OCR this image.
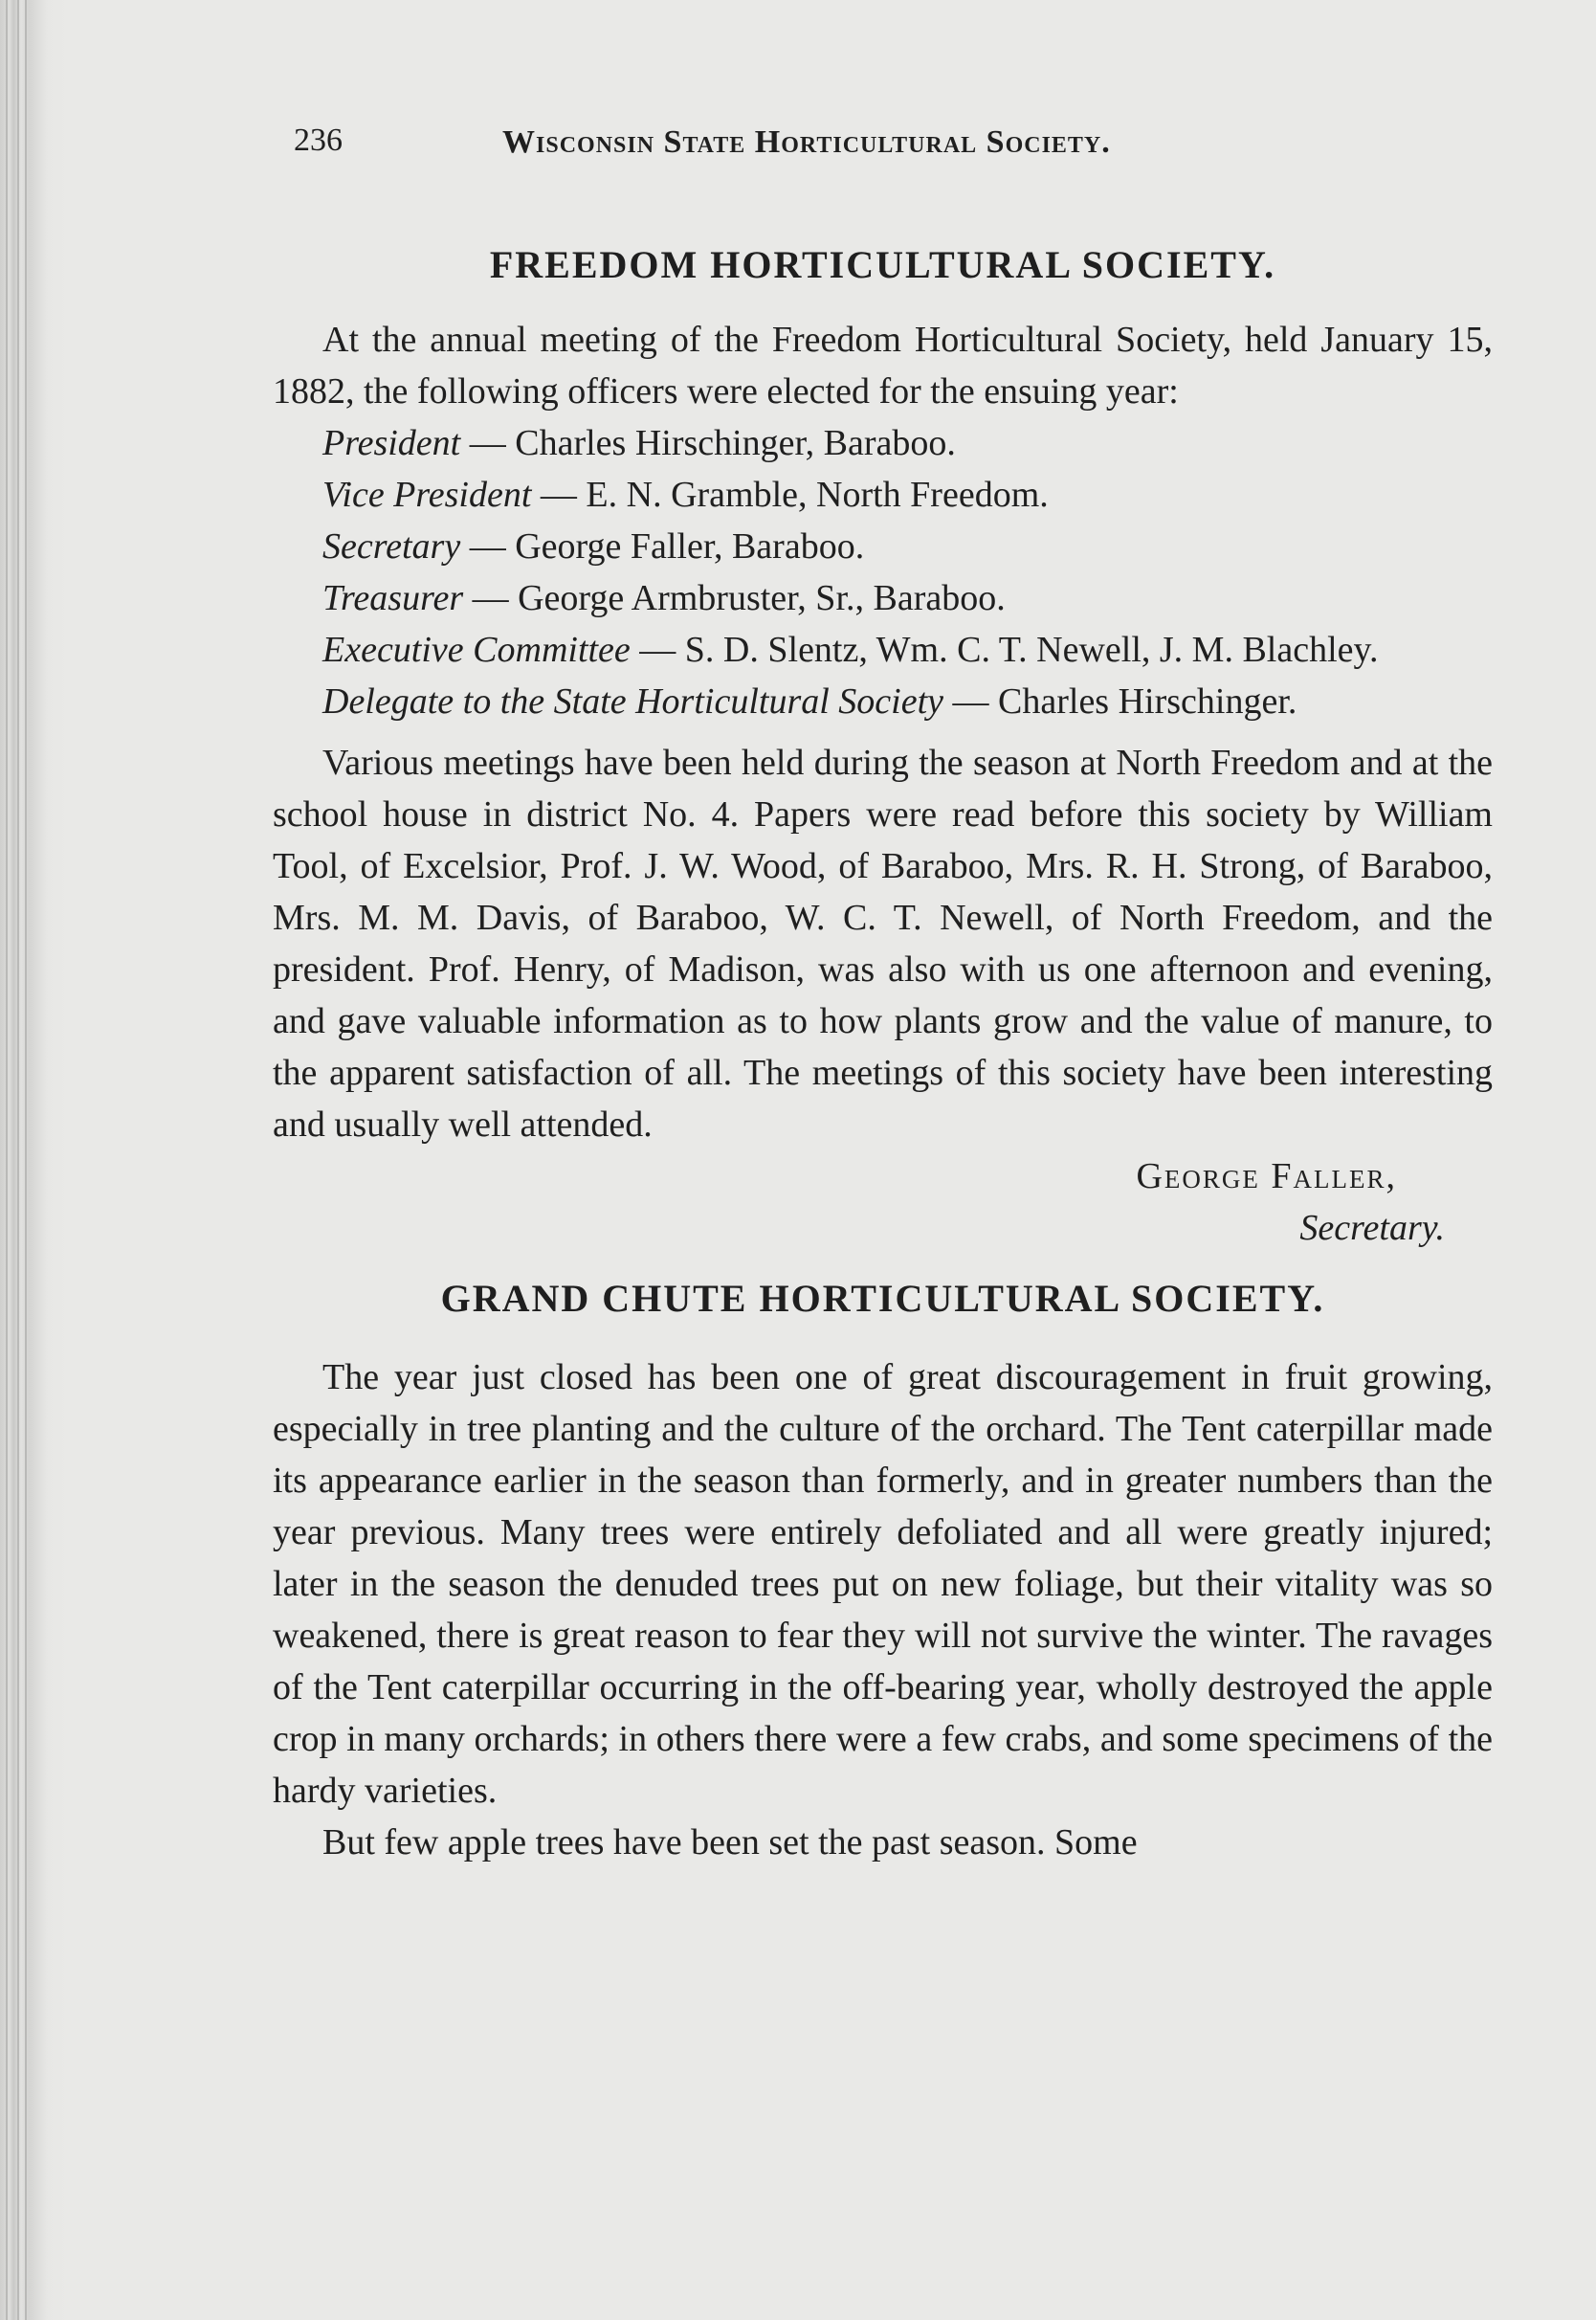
236	Wisconsin State Horticultural Society.
FREEDOM HORTICULTURAL SOCIETY.

At the annual meeting of the Freedom Horticultural Society, held January 15, 1882, the following officers were elected for the ensuing year:

President — Charles Hirschinger, Baraboo.

Vice President — E. N. Gramble, North Freedom.

Secretary — George Faller, Baraboo.

Treasurer — George Armbruster, Sr., Baraboo.

Executive Committee — S. D. Slentz, Wm. C. T. Newell, J. M. Blachley.

Delegate to the State Horticultural Society — Charles Hirschinger.

Various meetings have been held during the season at North Freedom and at the school house in district No. 4. Papers were read before this society by William Tool, of Excelsior, Prof. J. W. Wood, of Baraboo, Mrs. R. H. Strong, of Baraboo, Mrs. M. M. Davis, of Baraboo, W. C. T. Newell, of North Freedom, and the president. Prof. Henry, of Madison, was also with us one afternoon and evening, and gave valuable information as to how plants grow and the value of manure, to the apparent satisfaction of all. The meetings of this society have been interesting and usually well attended.

George Faller,
Secretary.
GRAND CHUTE HORTICULTURAL SOCIETY.

The year just closed has been one of great discouragement in fruit growing, especially in tree planting and the culture of the orchard. The Tent caterpillar made its appearance earlier in the season than formerly, and in greater numbers than the year previous. Many trees were entirely defoliated and all were greatly injured; later in the season the denuded trees put on new foliage, but their vitality was so weakened, there is great reason to fear they will not survive the winter. The ravages of the Tent caterpillar occurring in the off-bearing year, wholly destroyed the apple crop in many orchards; in others there were a few crabs, and some specimens of the hardy varieties.

But few apple trees have been set the past season. Some
